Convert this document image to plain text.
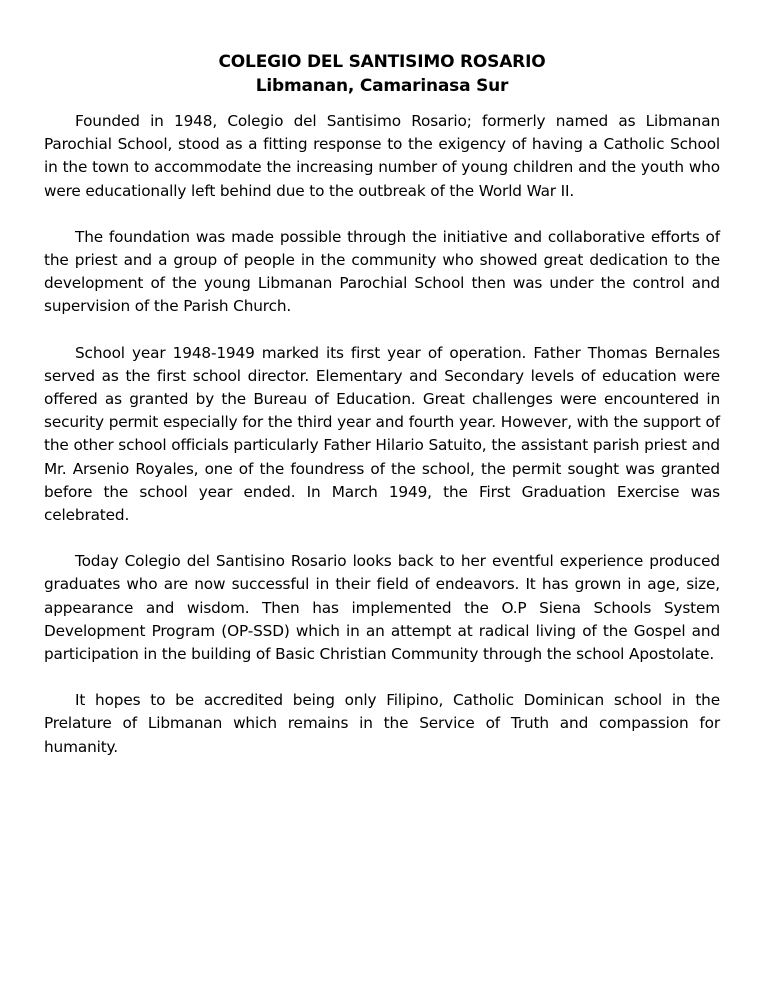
COLEGIO DEL SANTISIMO ROSARIO
Libmanan, Camarinasa Sur

Founded in 1948, Colegio del Santisimo Rosario; formerly named as Libmanan Parochial School, stood as a fitting response to the exigency of having a Catholic School in the town to accommodate the increasing number of young children and the youth who were educationally left behind due to the outbreak of the World War II.

The foundation was made possible through the initiative and collaborative efforts of the priest and a group of people in the community who showed great dedication to the development of the young Libmanan Parochial School then was under the control and supervision of the Parish Church.

School year 1948-1949 marked its first year of operation. Father Thomas Bernales served as the first school director. Elementary and Secondary levels of education were offered as granted by the Bureau of Education. Great challenges were encountered in security permit especially for the third year and fourth year. However, with the support of the other school officials particularly Father Hilario Satuito, the assistant parish priest and Mr. Arsenio Royales, one of the foundress of the school, the permit sought was granted before the school year ended. In March 1949, the First Graduation Exercise was celebrated.

Today Colegio del Santisino Rosario looks back to her eventful experience produced graduates who are now successful in their field of endeavors. It has grown in age, size, appearance and wisdom. Then has implemented the O.P Siena Schools System Development Program (OP-SSD) which in an attempt at radical living of the Gospel and participation in the building of Basic Christian Community through the school Apostolate.

It hopes to be accredited being only Filipino, Catholic Dominican school in the Prelature of Libmanan which remains in the Service of Truth and compassion for humanity.
